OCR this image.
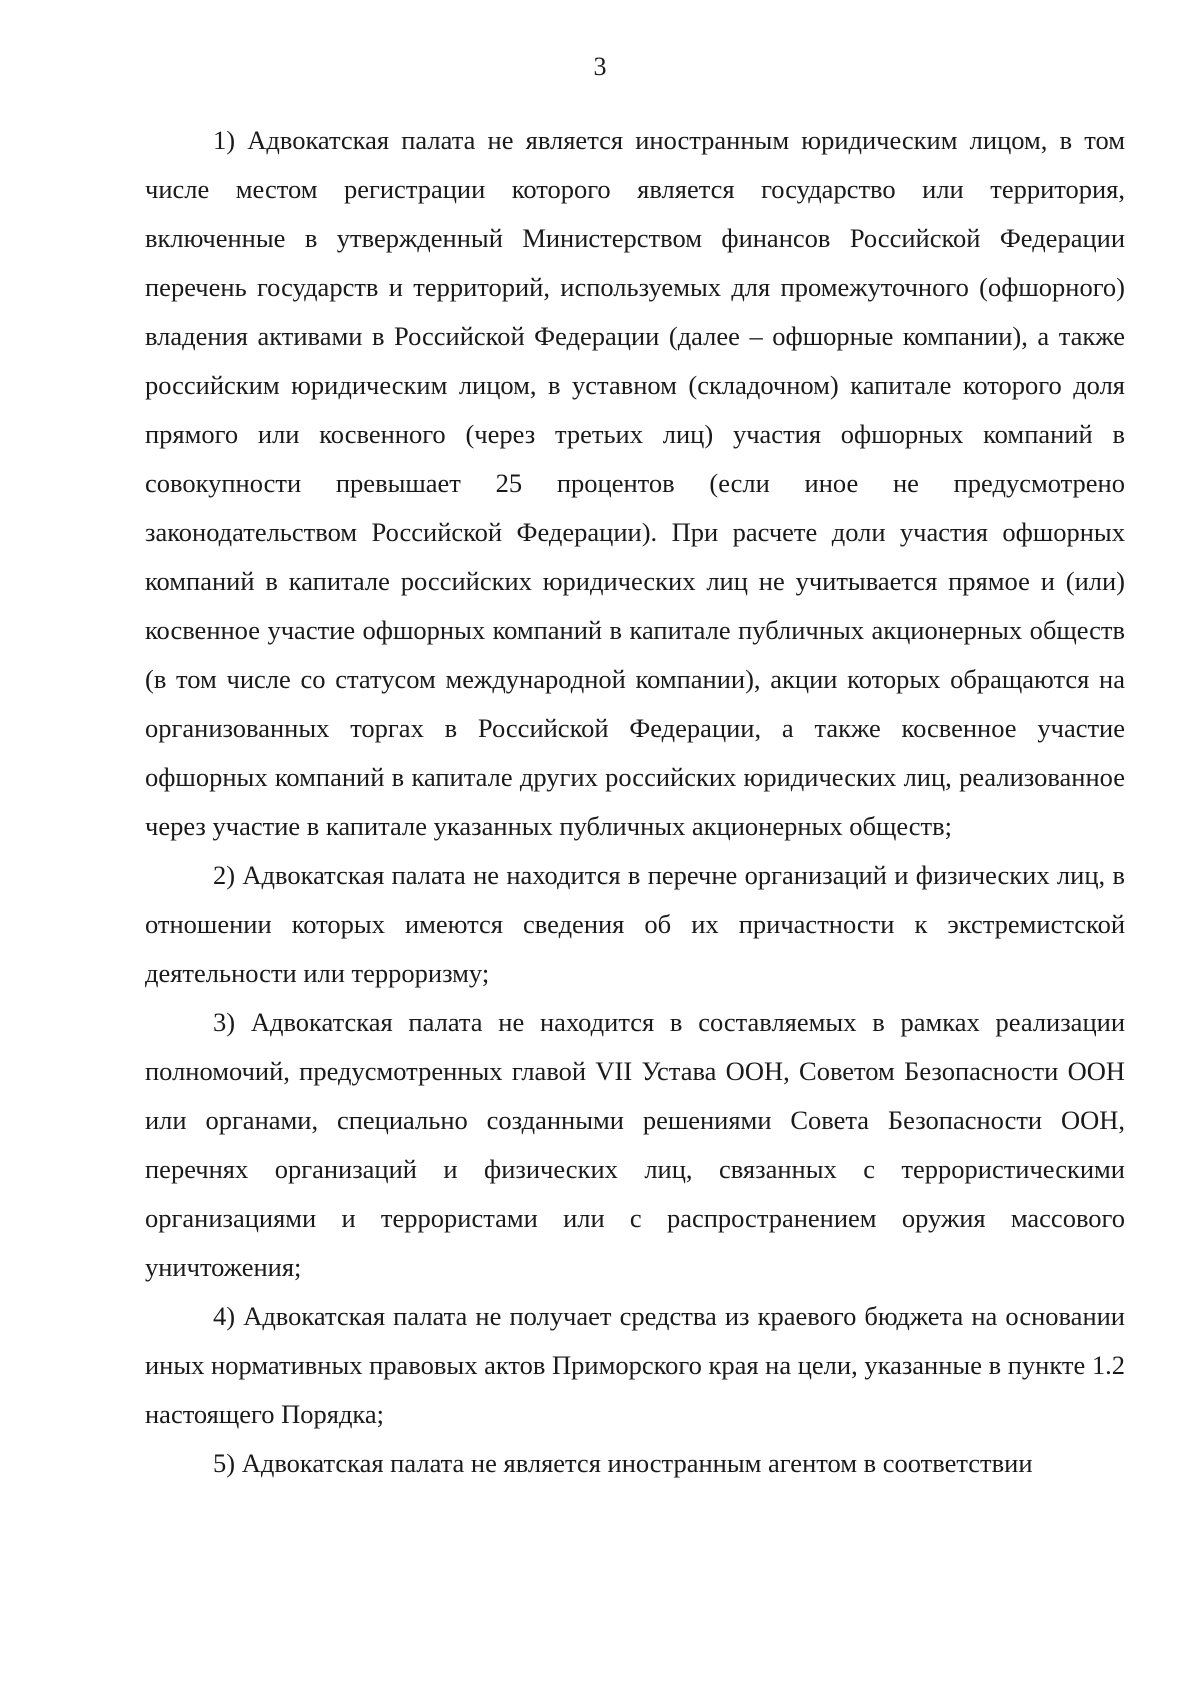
3

1) Адвокатская палата не является иностранным юридическим лицом, в том числе местом регистрации которого является государство или территория, включенные в утвержденный Министерством финансов Российской Федерации перечень государств и территорий, используемых для промежуточного (офшорного) владения активами в Российской Федерации (далее – офшорные компании), а также российским юридическим лицом, в уставном (складочном) капитале которого доля прямого или косвенного (через третьих лиц) участия офшорных компаний в совокупности превышает 25 процентов (если иное не предусмотрено законодательством Российской Федерации). При расчете доли участия офшорных компаний в капитале российских юридических лиц не учитывается прямое и (или) косвенное участие офшорных компаний в капитале публичных акционерных обществ (в том числе со статусом международной компании), акции которых обращаются на организованных торгах в Российской Федерации, а также косвенное участие офшорных компаний в капитале других российских юридических лиц, реализованное через участие в капитале указанных публичных акционерных обществ;

2) Адвокатская палата не находится в перечне организаций и физических лиц, в отношении которых имеются сведения об их причастности к экстремистской деятельности или терроризму;

3) Адвокатская палата не находится в составляемых в рамках реализации полномочий, предусмотренных главой VII Устава ООН, Советом Безопасности ООН или органами, специально созданными решениями Совета Безопасности ООН, перечнях организаций и физических лиц, связанных с террористическими организациями и террористами или с распространением оружия массового уничтожения;

4) Адвокатская палата не получает средства из краевого бюджета на основании иных нормативных правовых актов Приморского края на цели, указанные в пункте 1.2 настоящего Порядка;

5) Адвокатская палата не является иностранным агентом в соответствии
